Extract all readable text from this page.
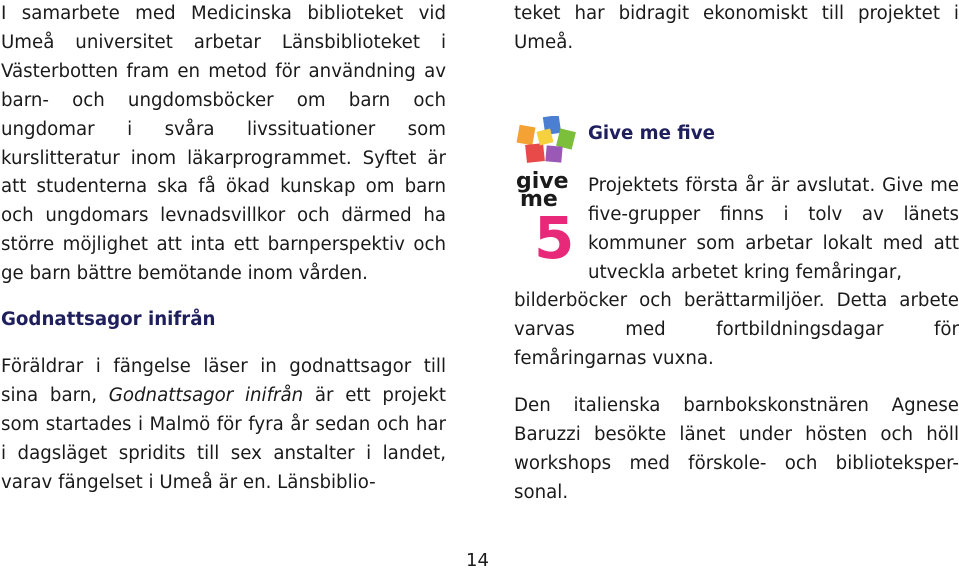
I samarbete med Medicinska biblioteket vid Umeå universitet arbetar Länsbiblioteket i Västerbotten fram en metod för användning av barn- och ungdomsböcker om barn och ungdomar i svåra livssituationer som kurslitteratur inom läkarprogrammet. Syftet är att studenterna ska få ökad kunskap om barn och ungdomars levnadsvillkor och därmed ha större möjlighet att inta ett barnperspektiv och ge barn bättre bemötande inom vården.

Godnattsagor inifrån

Föräldrar i fängelse läser in godnattsagor till sina barn, Godnattsagor inifrån är ett projekt som startades i Malmö för fyra år sedan och har i dagsläget spridits till sex anstalter i landet, varav fängelset i Umeå är en. Länsbiblio-

teket har bidragit ekonomiskt till projektet i Umeå.

give
me
5
Give me five
Projektets första år är avslutat. Give me five-grupper finns i tolv av länets kommuner som arbetar lokalt med att utveckla arbetet kring femåringar,
bilderböcker och berättarmiljöer. Detta arbete varvas med fortbildningsdagar för femåringarnas vuxna.
Den italienska barnbokskonstnären Agnese Baruzzi besökte länet under hösten och höll workshops med förskole- och biblioteksper-sonal.
14
